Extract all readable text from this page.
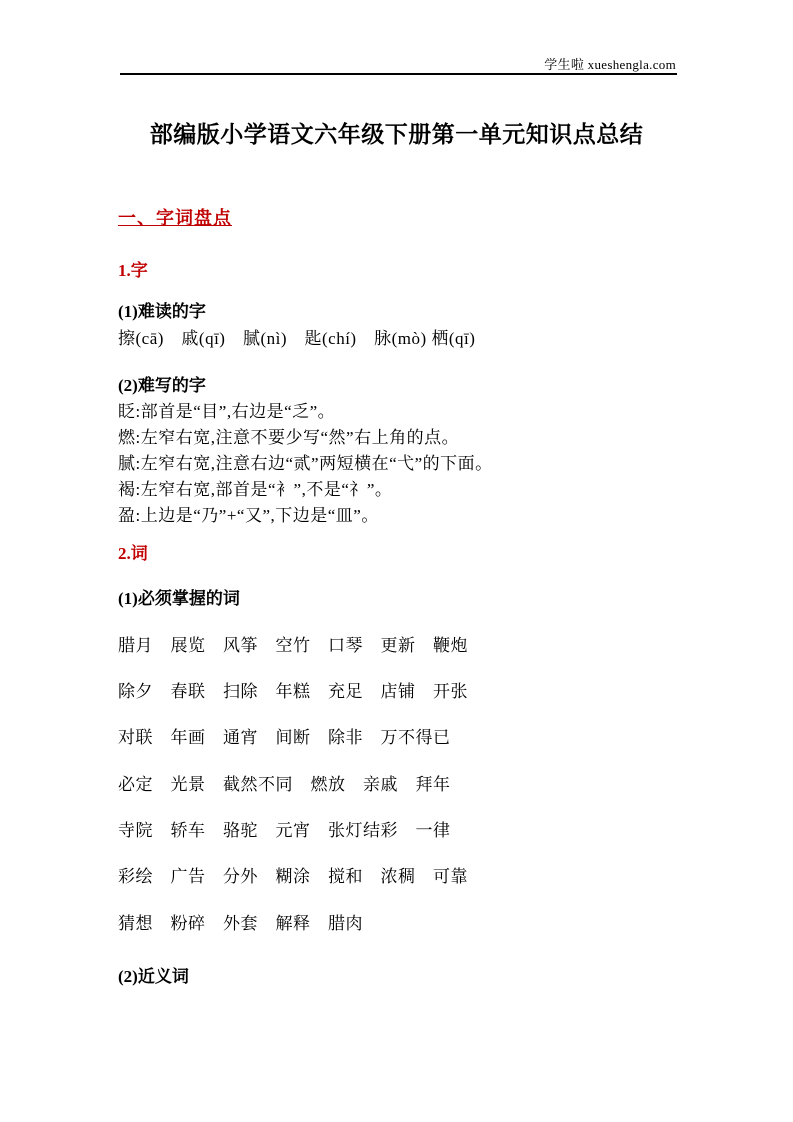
学生啦 xueshengla.com
部编版小学语文六年级下册第一单元知识点总结
一、字词盘点
1.字
(1)难读的字
擦(cā)　戚(qī)　腻(nì)　匙(chí)　脉(mò) 栖(qī)
(2)难写的字
眨:部首是“目”,右边是“乏”。
燃:左窄右宽,注意不要少写“然”右上角的点。
腻:左窄右宽,注意右边“贰”两短横在“弋”的下面。
褐:左窄右宽,部首是“衤”,不是“礻”。
盈:上边是“乃”+“又”,下边是“皿”。
2.词
(1)必须掌握的词
腊月　展览　风筝　空竹　口琴　更新　鞭炮
除夕　春联　扫除　年糕　充足　店铺　开张
对联　年画　通宵　间断　除非　万不得已
必定　光景　截然不同　燃放　亲戚　拜年
寺院　轿车　骆驼　元宵　张灯结彩　一律
彩绘　广告　分外　糊涂　搅和　浓稠　可靠
猜想　粉碎　外套　解释　腊肉
(2)近义词
